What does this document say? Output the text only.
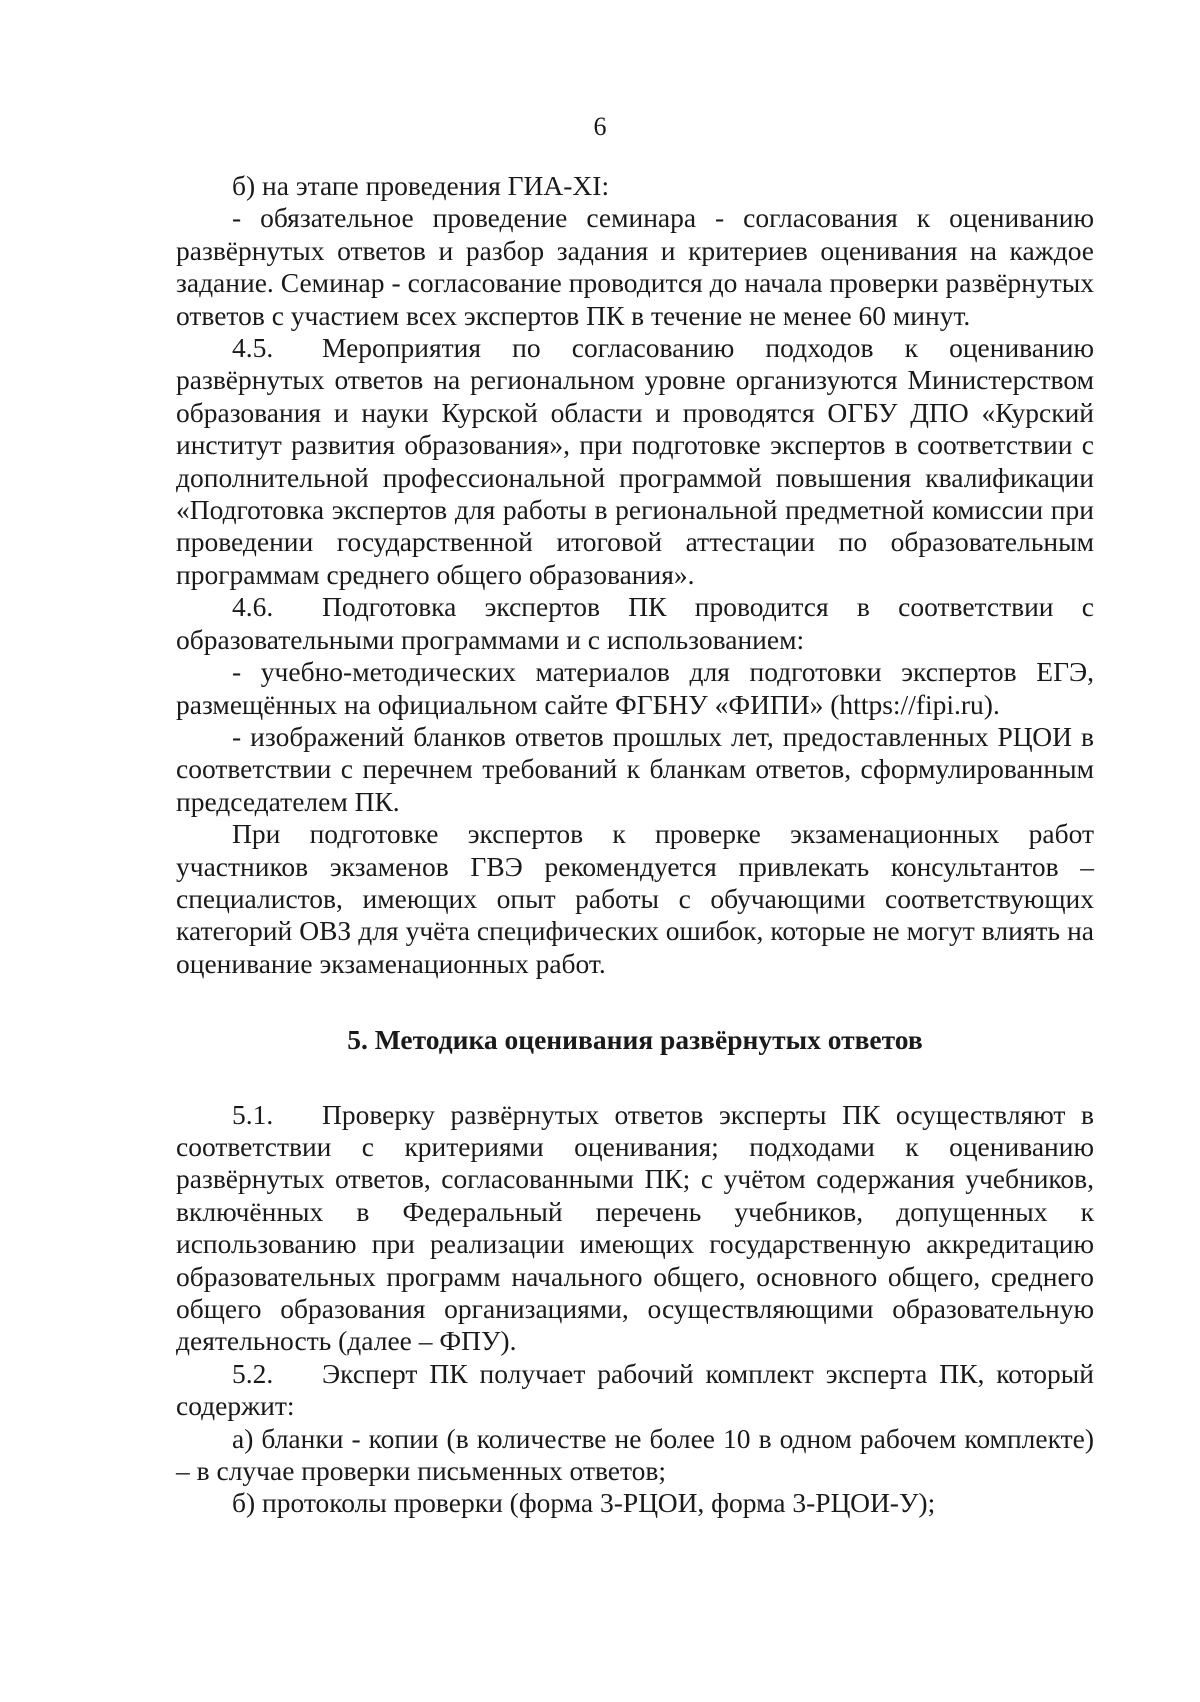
6

б) на этапе проведения ГИА-XI:

- обязательное проведение семинара - согласования к оцениванию развёрнутых ответов и разбор задания и критериев оценивания на каждое задание. Семинар - согласование проводится до начала проверки развёрнутых ответов с участием всех экспертов ПК в течение не менее 60 минут.

4.5. Мероприятия по согласованию подходов к оцениванию развёрнутых ответов на региональном уровне организуются Министерством образования и науки Курской области и проводятся ОГБУ ДПО «Курский институт развития образования», при подготовке экспертов в соответствии с дополнительной профессиональной программой повышения квалификации «Подготовка экспертов для работы в региональной предметной комиссии при проведении государственной итоговой аттестации по образовательным программам среднего общего образования».

4.6. Подготовка экспертов ПК проводится в соответствии с образовательными программами и с использованием:

- учебно-методических материалов для подготовки экспертов ЕГЭ, размещённых на официальном сайте ФГБНУ «ФИПИ» (https://fipi.ru).

- изображений бланков ответов прошлых лет, предоставленных РЦОИ в соответствии с перечнем требований к бланкам ответов, сформулированным председателем ПК.

При подготовке экспертов к проверке экзаменационных работ участников экзаменов ГВЭ рекомендуется привлекать консультантов – специалистов, имеющих опыт работы с обучающими соответствующих категорий ОВЗ для учёта специфических ошибок, которые не могут влиять на оценивание экзаменационных работ.

5. Методика оценивания развёрнутых ответов

5.1. Проверку развёрнутых ответов эксперты ПК осуществляют в соответствии с критериями оценивания; подходами к оцениванию развёрнутых ответов, согласованными ПК; с учётом содержания учебников, включённых в Федеральный перечень учебников, допущенных к использованию при реализации имеющих государственную аккредитацию образовательных программ начального общего, основного общего, среднего общего образования организациями, осуществляющими образовательную деятельность (далее – ФПУ).

5.2. Эксперт ПК получает рабочий комплект эксперта ПК, который содержит:

а) бланки - копии (в количестве не более 10 в одном рабочем комплекте) – в случае проверки письменных ответов;

б) протоколы проверки (форма 3-РЦОИ, форма 3-РЦОИ-У);
